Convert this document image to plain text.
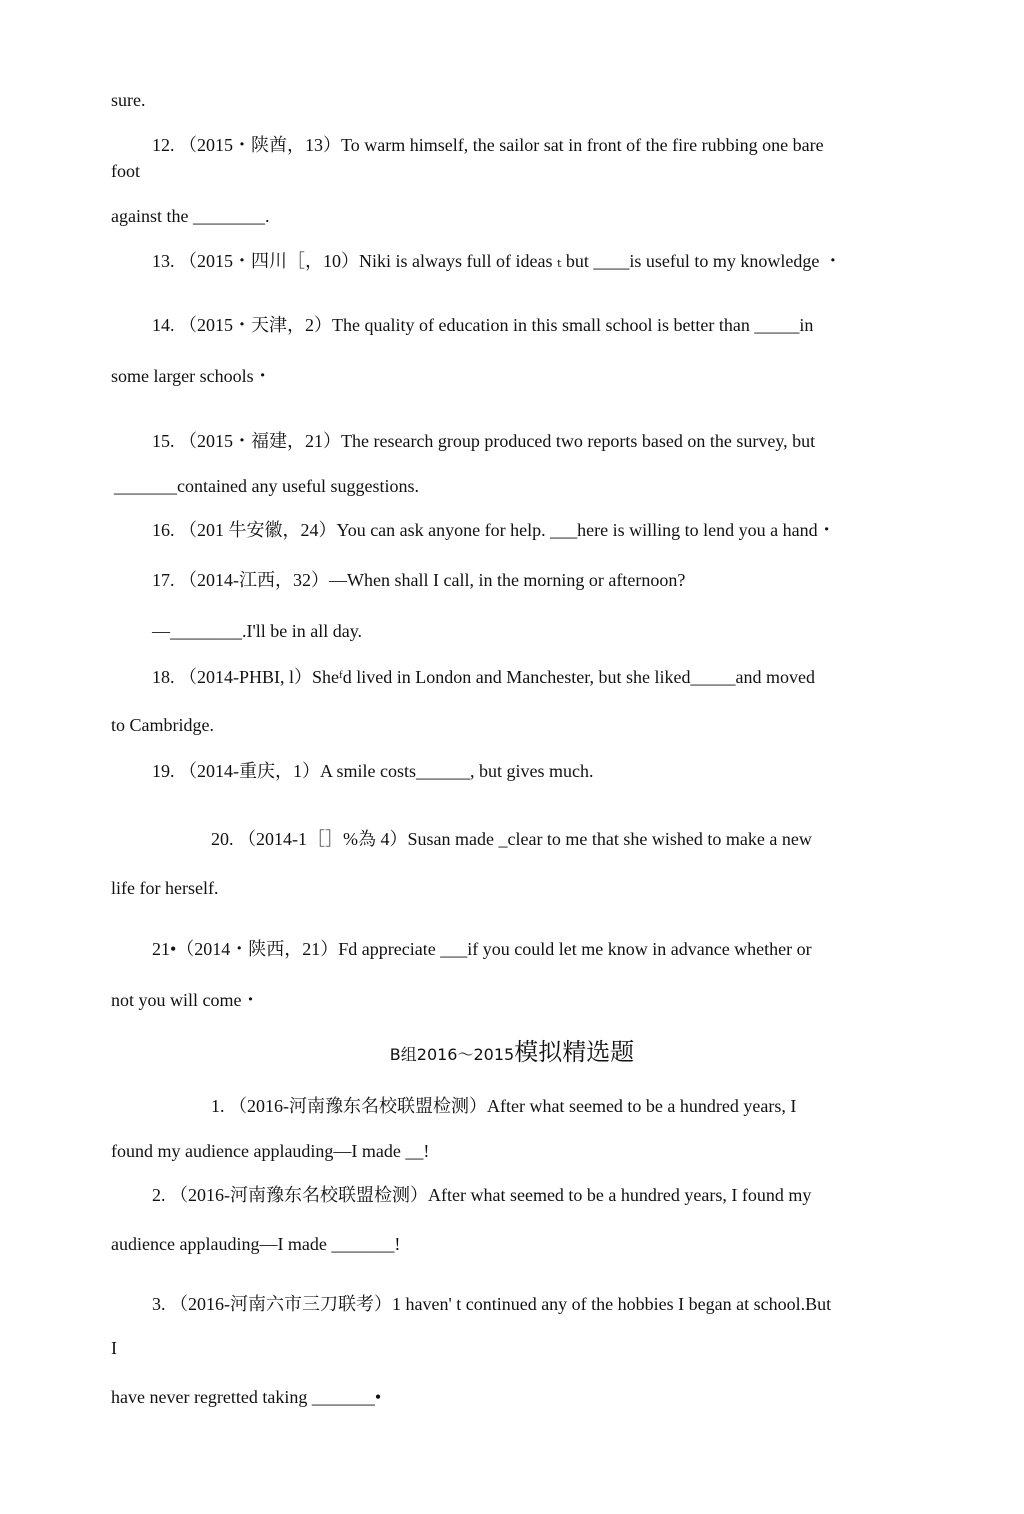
sure.
12. （2015・陕酋，13）To warm himself, the sailor sat in front of the fire rubbing one bare
foot
against the ________.
13. （2015・四川［，10）Niki is always full of ideas ₜ but ____is useful to my knowledge ・
14. （2015・天津，2）The quality of education in this small school is better than _____in
some larger schools・
15. （2015・福建，21）The research group produced two reports based on the survey, but
_______contained any useful suggestions.
16. （201 牛安徽，24）You can ask anyone for help. ___here is willing to lend you a hand・
17. （2014-江西，32）—When shall I call, in the morning or afternoon?
—________.I'll be in all day.
18. （2014-PHBI, l）Sheᶠd lived in London and Manchester, but she liked_____and moved
to Cambridge.
19. （2014-重庆，1）A smile costs______, but gives much.
20. （2014-1［］%為 4）Susan made _clear to me that she wished to make a new
life for herself.
21•（2014・陕西，21）Fd appreciate ___if you could let me know in advance whether or
not you will come・
B组2016～2015模拟精选题
1. （2016-河南豫东名校联盟检测）After what seemed to be a hundred years, I
found my audience applauding—I made __!
2. （2016-河南豫东名校联盟检测）After what seemed to be a hundred years, I found my
audience applauding—I made _______!
3. （2016-河南六市三刀联考）1 haven' t continued any of the hobbies I began at school.But
I
have never regretted taking _______•
